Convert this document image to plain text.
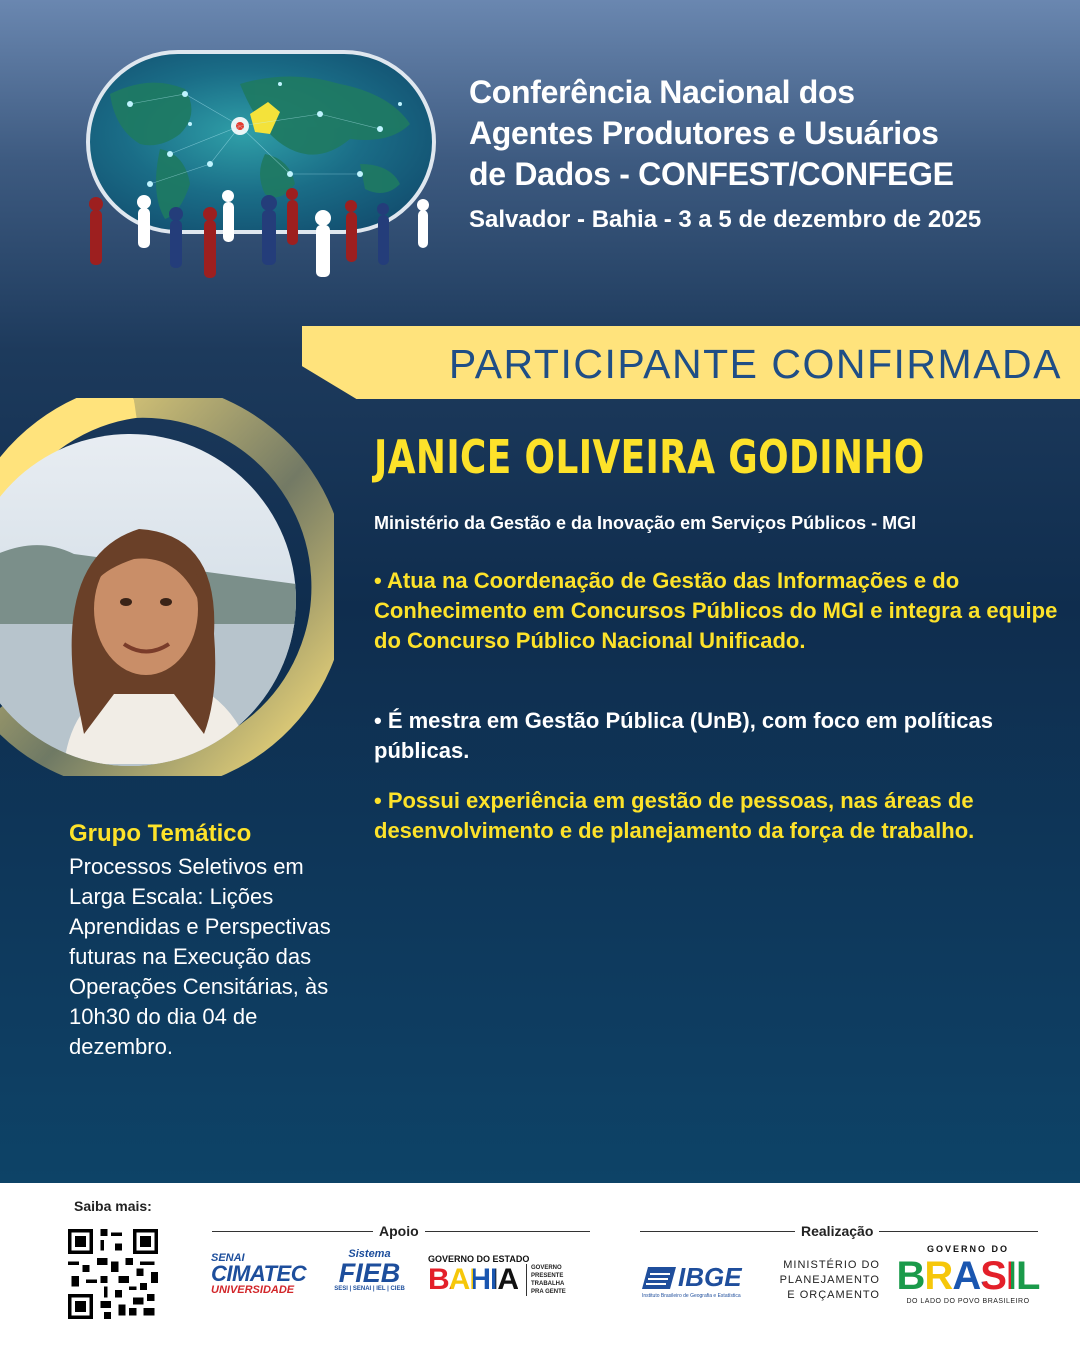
Conferência Nacional dos
Agentes Produtores e Usuários
de Dados - CONFEST/CONFEGE
Salvador - Bahia - 3 a 5 de dezembro de 2025
PARTICIPANTE CONFIRMADA
JANICE OLIVEIRA GODINHO
Ministério da Gestão e da Inovação em Serviços Públicos - MGI
• Atua na Coordenação de Gestão das Informações e do Conhecimento em Concursos Públicos do MGI e integra a equipe do Concurso Público Nacional Unificado.
• É mestra em Gestão Pública (UnB), com foco em políticas públicas.
• Possui experiência em gestão de pessoas, nas áreas de desenvolvimento e de planejamento da força de trabalho.
Grupo Temático
Processos Seletivos em Larga Escala: Lições Aprendidas e Perspectivas futuras na Execução das Operações Censitárias, às 10h30 do dia 04 de dezembro.
Saiba mais:
Apoio	Realização
SENAI
CIMATEC
UNIVERSIDADE
Sistema
FIEB
SESI | SENAI | IEL | CIEB
GOVERNO DO ESTADO
BAHIA GOVERNO
PRESENTE
TRABALHA
PRA GENTE	IBGE
Instituto Brasileiro de Geografia e Estatística
MINISTÉRIO DO
PLANEJAMENTO
E ORÇAMENTO
GOVERNO DO
BRASIL
DO LADO DO POVO BRASILEIRO
